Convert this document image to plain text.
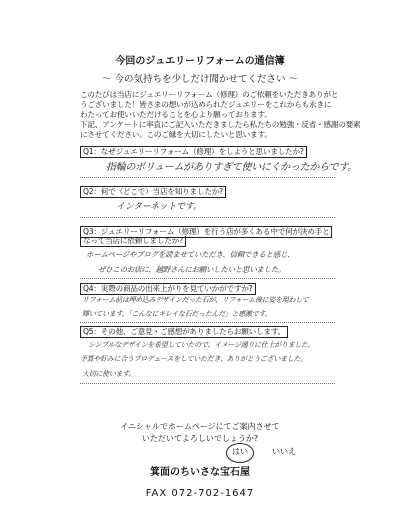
今回のジュエリーリフォームの通信簿
〜 今の気持ちを少しだけ聞かせてください 〜
このたびは当店にジュエリーリフォーム（修理）のご依頼をいただきありがと
うございました！皆さまの想いが込められたジュエリーをこれからも永きに
わたってお使いいただけることを心より願っております。
下記、アンケートに率直にご記入いただきましたら私たちの勉強・反省・感謝の要素
にさせてください。このご縁を大切にしたいと思います。
Q1：なぜジュエリーリフォーム（修理）をしようと思いましたか?
指輪のボリュームがありすぎて使いにくかったからです。
Q2：何で（どこで）当店を知りましたか?
インターネットです。
Q3：ジュエリーリフォーム（修理）を行う店が多くある中で何が決め手と
なって当店に依頼しましたか?
ホームページやブログを読ませていただき、信頼できると感じ、
ぜひこのお店に、越野さんにお願いしたいと思いました。
Q4：実際の商品の出来上がりを見ていかがですか?
リフォーム前は埋め込みデザインだった石が、リフォーム後に姿を現わして
輝いています。「こんなにキレイな石だったんだ」と感激です。
Q5：その他、ご意見・ご感想がありましたらお願いします。
シンプルなデザインを希望していたので、イメージ通りに仕上がりました。
予算や好みに合うプロデュースをしていただき、ありがとうございました。
大切に使います。
イニシャルでホームページにてご案内させて
いただいてよろしいでしょうか?
はい	いいえ
箕面のちいさな宝石屋
FAX 072-702-1647
